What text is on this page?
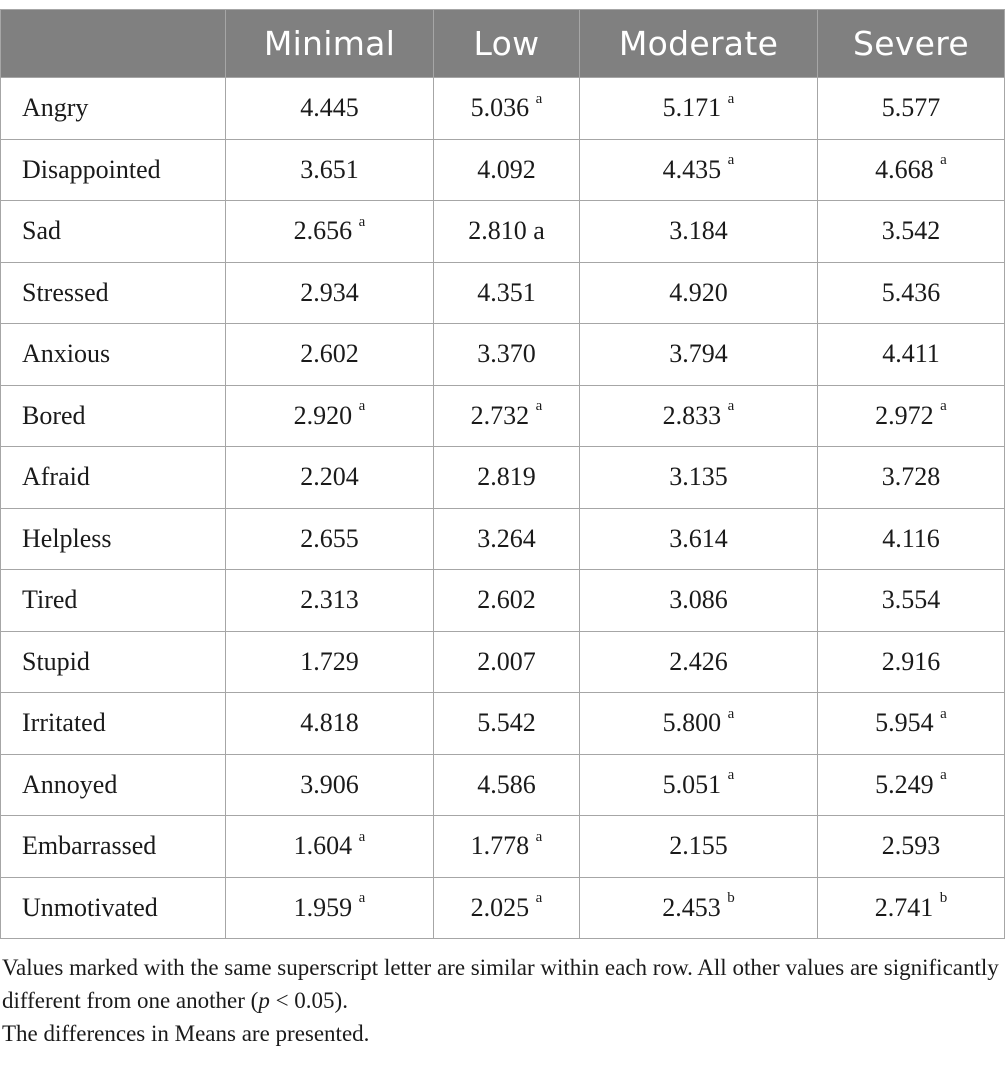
	Minimal	Low	Moderate	Severe
Angry	4.445	5.036 $^a$	5.171 $^a$	5.577
Disappointed	3.651	4.092	4.435 $^a$	4.668 $^a$
Sad	2.656 $^a$	2.810 a	3.184	3.542
Stressed	2.934	4.351	4.920	5.436
Anxious	2.602	3.370	3.794	4.411
Bored	2.920 $^a$	2.732 $^a$	2.833 $^a$	2.972 $^a$
Afraid	2.204	2.819	3.135	3.728
Helpless	2.655	3.264	3.614	4.116
Tired	2.313	2.602	3.086	3.554
Stupid	1.729	2.007	2.426	2.916
Irritated	4.818	5.542	5.800 $^a$	5.954 $^a$
Annoyed	3.906	4.586	5.051 $^a$	5.249 $^a$
Embarrassed	1.604 $^a$	1.778 $^a$	2.155	2.593
Unmotivated	1.959 $^a$	2.025 $^a$	2.453 $^b$	2.741 $^b$

Values marked with the same superscript letter are similar within each row. All other values are significantly different from one another (p < 0.05).

The differences in Means are presented.
